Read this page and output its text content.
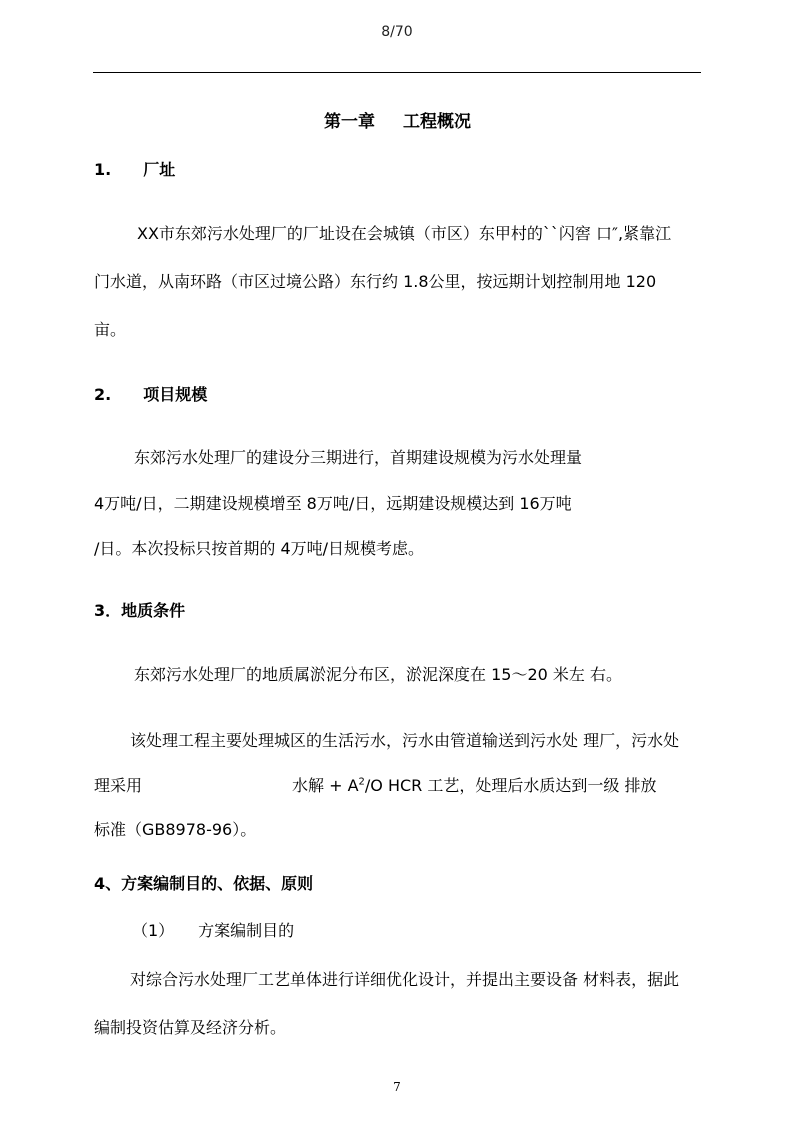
8/70
第一章 工程概况
1.　　厂址
XX市东郊污水处理厂的厂址设在会城镇（市区）东甲村的``闪窖 口″,紧靠江
门水道，从南环路（市区过境公路）东行约 1.8公里，按远期计划控制用地 120
亩。
2.　　项目规模
东郊污水处理厂的建设分三期进行，首期建设规模为污水处理量
4万吨/日，二期建设规模增至 8万吨/日，远期建设规模达到 16万吨
/日。本次投标只按首期的 4万吨/日规模考虑。
3．地质条件
东郊污水处理厂的地质属淤泥分布区，淤泥深度在 15～20 米左 右。
该处理工程主要处理城区的生活污水，污水由管道输送到污水处 理厂，污水处
理采用	水解 + $A^2/O$ HCR 工艺，处理后水质达到一级 排放
标准（GB8978-96）。
4、方案编制目的、依据、原则
（1）　　方案编制目的
对综合污水处理厂工艺单体进行详细优化设计，并提出主要设备 材料表，据此
编制投资估算及经济分析。
7
